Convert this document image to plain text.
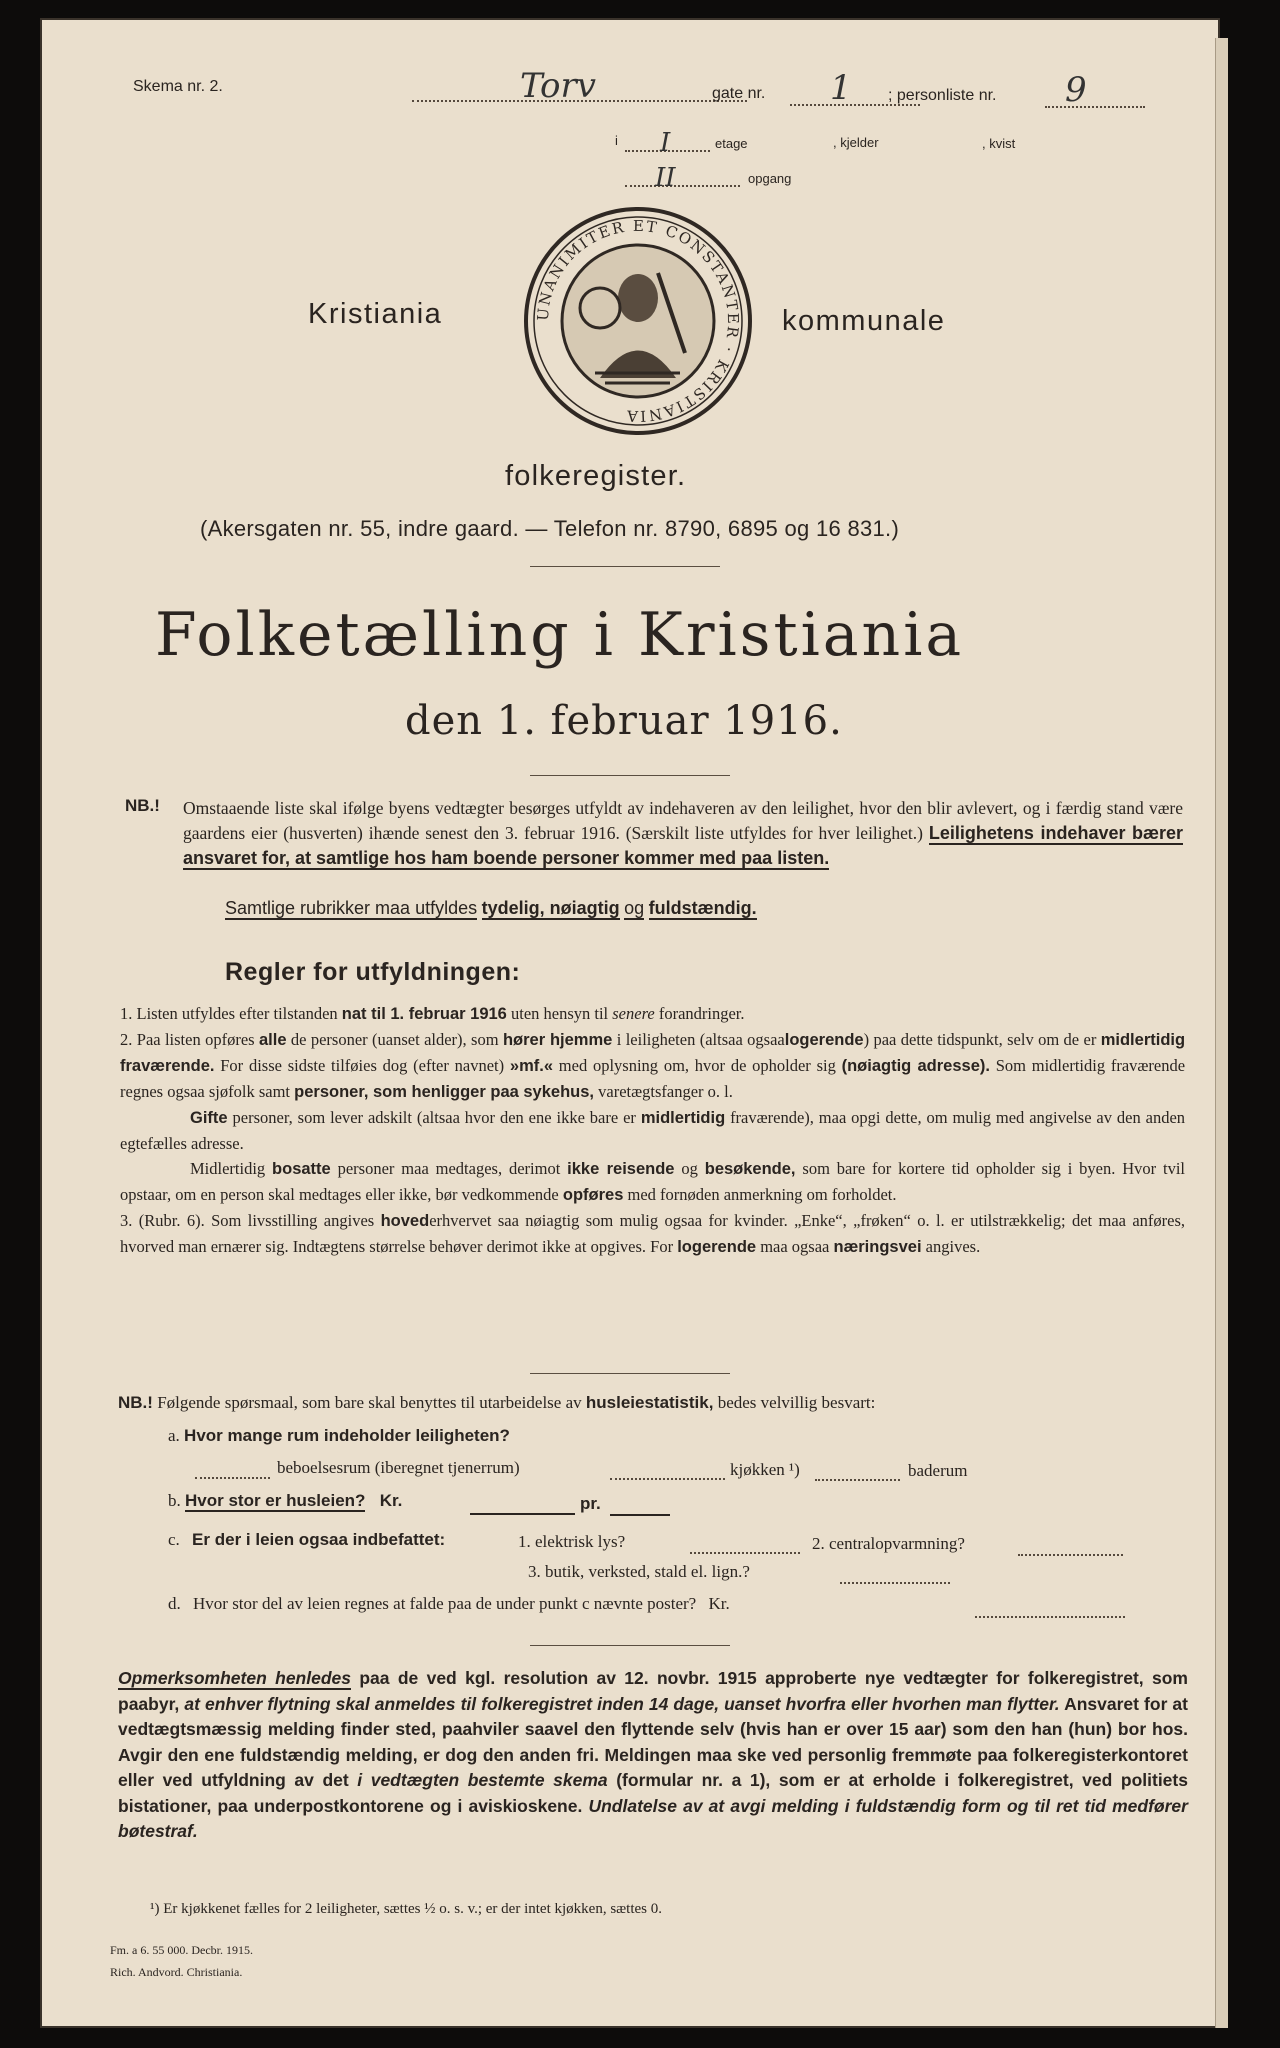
Skema nr. 2.	Torv	gate nr. 1 ; personliste nr. 9
i I	etage	, kjelder	, kvist
II	opgang
Kristiania	kommunale
UNANIMITER ET CONSTANTER · KRISTIANIA
folkeregister.
(Akersgaten nr. 55, indre gaard. — Telefon nr. 8790, 6895 og 16 831.)
Folketælling i Kristiania
den 1. februar 1916.
NB.! Omstaaende liste skal ifølge byens vedtægter besørges utfyldt av indehaveren av den leilighet, hvor den blir avlevert, og i færdig stand være gaardens eier (husverten) ihænde senest den 3. februar 1916. (Særskilt liste utfyldes for hver leilighet.) Leilighetens indehaver bærer ansvaret for, at samtlige hos ham boende personer kommer med paa listen.
Samtlige rubrikker maa utfyldes tydelig, nøiagtig og fuldstændig.
Regler for utfyldningen:

1. Listen utfyldes efter tilstanden nat til 1. februar 1916 uten hensyn til senere forandringer.

2. Paa listen opføres alle de personer (uanset alder), som hører hjemme i leiligheten (altsaa ogsaalogerende) paa dette tidspunkt, selv om de er midlertidig fraværende. For disse sidste tilføies dog (efter navnet) »mf.« med oplysning om, hvor de opholder sig (nøiagtig adresse). Som midlertidig fraværende regnes ogsaa sjøfolk samt personer, som henligger paa sykehus, varetægtsfanger o. l.

Gifte personer, som lever adskilt (altsaa hvor den ene ikke bare er midlertidig fraværende), maa opgi dette, om mulig med angivelse av den anden egtefælles adresse.

Midlertidig bosatte personer maa medtages, derimot ikke reisende og besøkende, som bare for kortere tid opholder sig i byen. Hvor tvil opstaar, om en person skal medtages eller ikke, bør vedkommende opføres med fornøden anmerkning om forholdet.

3. (Rubr. 6). Som livsstilling angives hovederhvervet saa nøiagtig som mulig ogsaa for kvinder. „Enke“, „frøken“ o. l. er utilstrækkelig; det maa anføres, hvorved man ernærer sig. Indtægtens størrelse behøver derimot ikke at opgives. For logerende maa ogsaa næringsvei angives.

NB.! Følgende spørsmaal, som bare skal benyttes til utarbeidelse av husleiestatistik, bedes velvillig besvart:
a. Hvor mange rum indeholder leiligheten?
beboelsesrum (iberegnet tjenerrum)	kjøkken ¹)	baderum
b. Hvor stor er husleien? Kr.	pr.
c. Er der i leien ogsaa indbefattet:	1. elektrisk lys?	2. centralopvarmning?
3. butik, verksted, stald el. lign.?
d. Hvor stor del av leien regnes at falde paa de under punkt c nævnte poster? Kr.
Opmerksomheten henledes paa de ved kgl. resolution av 12. novbr. 1915 approberte nye vedtægter for folkeregistret, som paabyr, at enhver flytning skal anmeldes til folkeregistret inden 14 dage, uanset hvorfra eller hvorhen man flytter. Ansvaret for at vedtægtsmæssig melding finder sted, paahviler saavel den flyttende selv (hvis han er over 15 aar) som den han (hun) bor hos. Avgir den ene fuldstændig melding, er dog den anden fri. Meldingen maa ske ved personlig fremmøte paa folkeregisterkontoret eller ved utfyldning av det i vedtægten bestemte skema (formular nr. a 1), som er at erholde i folkeregistret, ved politiets bistationer, paa underpostkontorene og i aviskioskene. Undlatelse av at avgi melding i fuldstændig form og til ret tid medfører bøtestraf.
¹) Er kjøkkenet fælles for 2 leiligheter, sættes ½ o. s. v.; er der intet kjøkken, sættes 0.
Fm. a 6. 55 000. Decbr. 1915.
Rich. Andvord. Christiania.
